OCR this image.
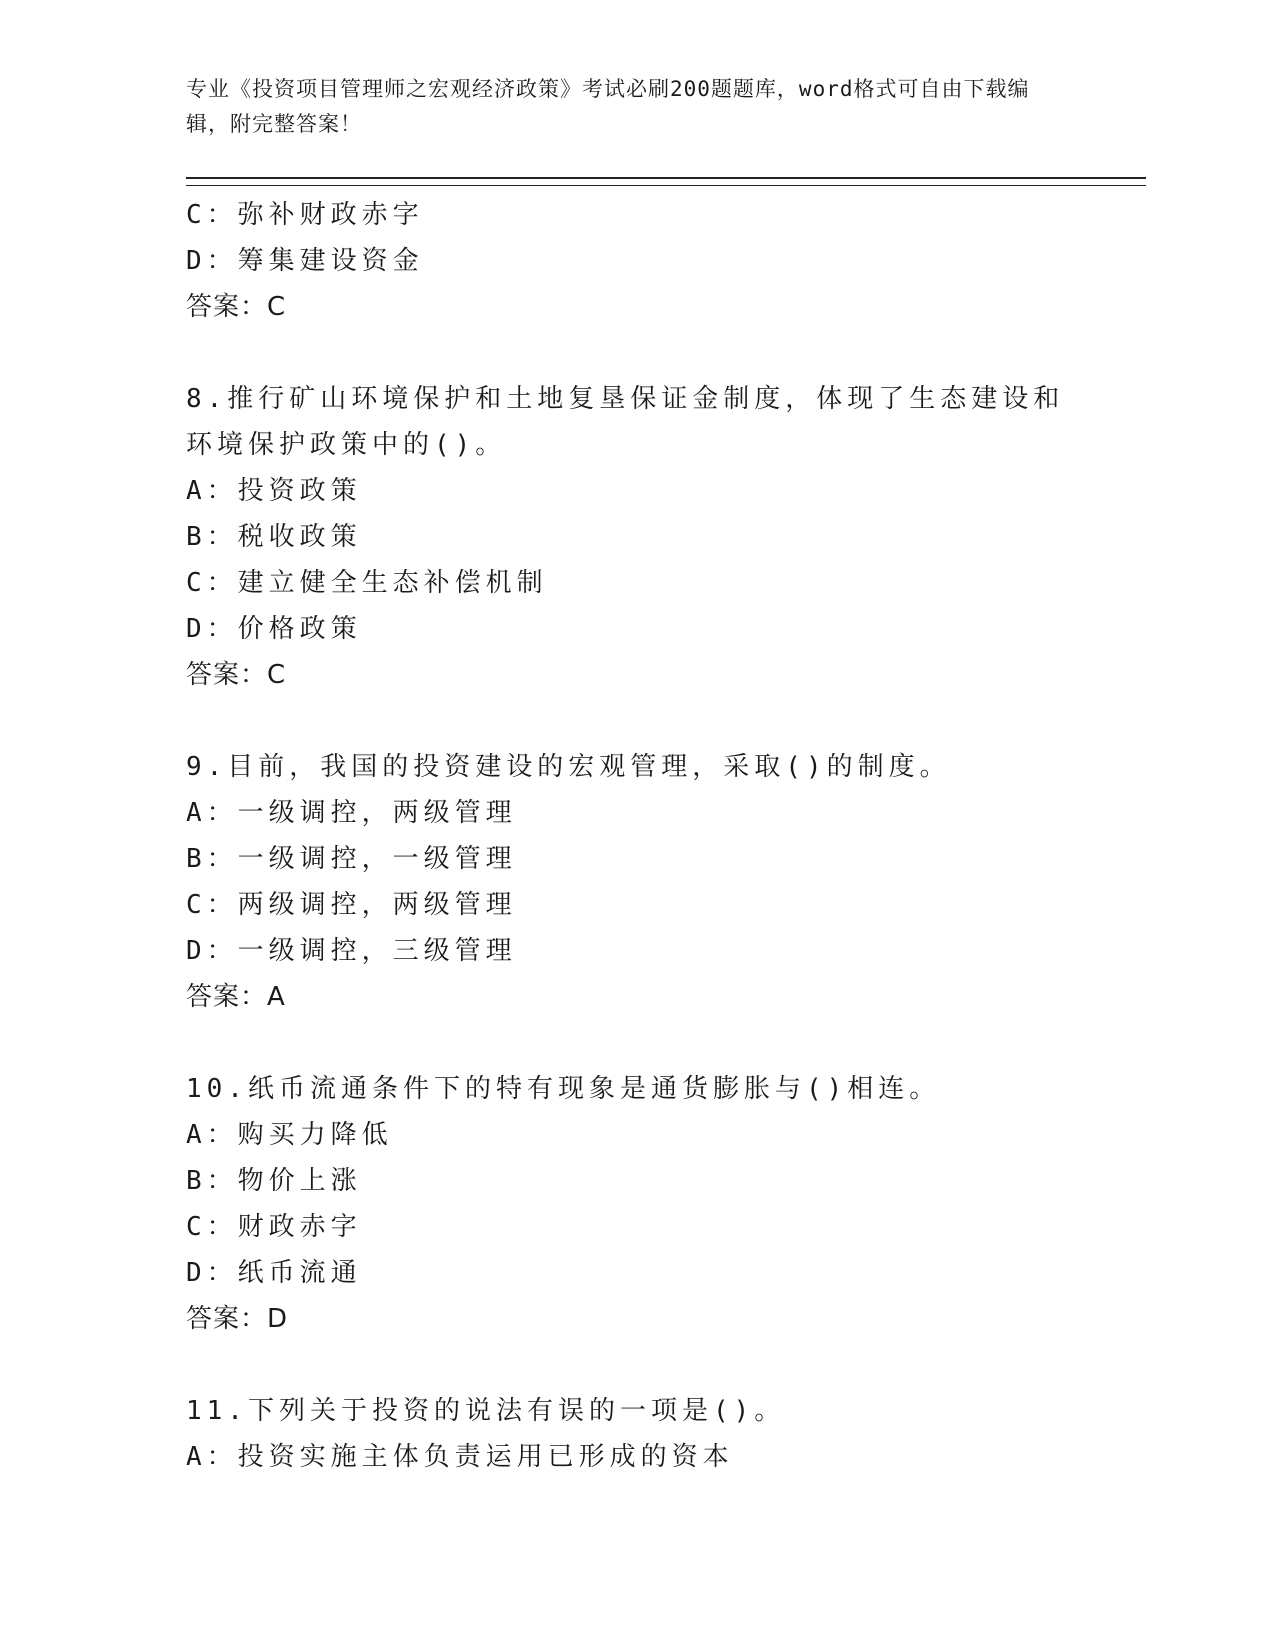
专业《投资项目管理师之宏观经济政策》考试必刷200题题库，word格式可自由下载编辑，附完整答案！
C：弥补财政赤字
D：筹集建设资金
答案：C
8.推行矿山环境保护和土地复垦保证金制度，体现了生态建设和环境保护政策中的()。
A：投资政策
B：税收政策
C：建立健全生态补偿机制
D：价格政策
答案：C
9.目前，我国的投资建设的宏观管理，采取()的制度。
A：一级调控，两级管理
B：一级调控，一级管理
C：两级调控，两级管理
D：一级调控，三级管理
答案：A
10.纸币流通条件下的特有现象是通货膨胀与()相连。
A：购买力降低
B：物价上涨
C：财政赤字
D：纸币流通
答案：D
11.下列关于投资的说法有误的一项是()。
A：投资实施主体负责运用已形成的资本
